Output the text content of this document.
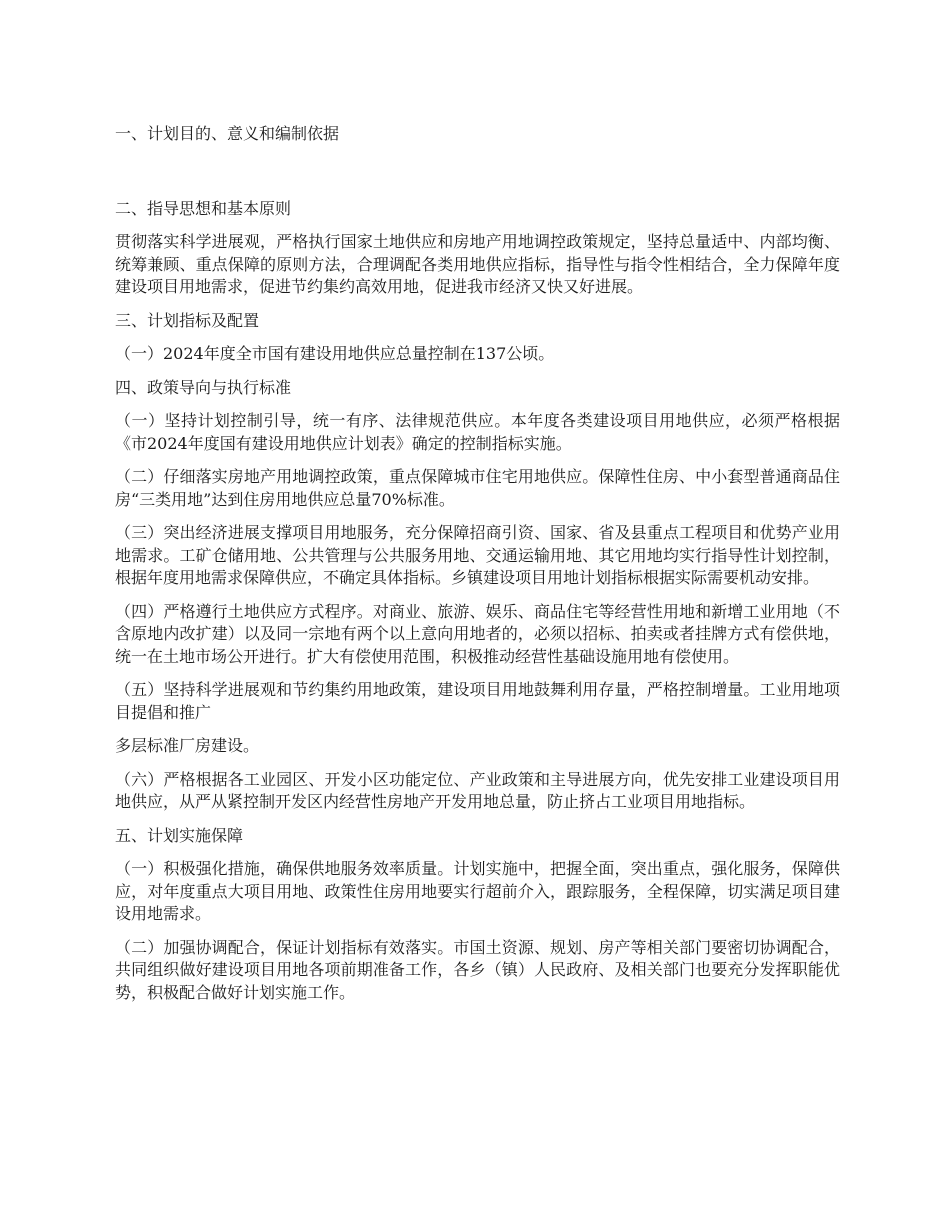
一、计划目的、意义和编制依据

二、指导思想和基本原则

贯彻落实科学进展观，严格执行国家土地供应和房地产用地调控政策规定，坚持总量适中、内部均衡、统筹兼顾、重点保障的原则方法，合理调配各类用地供应指标，指导性与指令性相结合，全力保障年度建设项目用地需求，促进节约集约高效用地，促进我市经济又快又好进展。

三、计划指标及配置

（一）2024年度全市国有建设用地供应总量控制在137公顷。

四、政策导向与执行标准

（一）坚持计划控制引导，统一有序、法律规范供应。本年度各类建设项目用地供应，必须严格根据《市2024年度国有建设用地供应计划表》确定的控制指标实施。

（二）仔细落实房地产用地调控政策，重点保障城市住宅用地供应。保障性住房、中小套型普通商品住房“三类用地”达到住房用地供应总量70%标准。

（三）突出经济进展支撑项目用地服务，充分保障招商引资、国家、省及县重点工程项目和优势产业用地需求。工矿仓储用地、公共管理与公共服务用地、交通运输用地、其它用地均实行指导性计划控制，根据年度用地需求保障供应，不确定具体指标。乡镇建设项目用地计划指标根据实际需要机动安排。

（四）严格遵行土地供应方式程序。对商业、旅游、娱乐、商品住宅等经营性用地和新增工业用地（不含原地内改扩建）以及同一宗地有两个以上意向用地者的，必须以招标、拍卖或者挂牌方式有偿供地，统一在土地市场公开进行。扩大有偿使用范围，积极推动经营性基础设施用地有偿使用。

（五）坚持科学进展观和节约集约用地政策，建设项目用地鼓舞利用存量，严格控制增量。工业用地项目提倡和推广

多层标准厂房建设。

（六）严格根据各工业园区、开发小区功能定位、产业政策和主导进展方向，优先安排工业建设项目用地供应，从严从紧控制开发区内经营性房地产开发用地总量，防止挤占工业项目用地指标。

五、计划实施保障

（一）积极强化措施，确保供地服务效率质量。计划实施中，把握全面，突出重点，强化服务，保障供应，对年度重点大项目用地、政策性住房用地要实行超前介入，跟踪服务，全程保障，切实满足项目建设用地需求。

（二）加强协调配合，保证计划指标有效落实。市国土资源、规划、房产等相关部门要密切协调配合，共同组织做好建设项目用地各项前期准备工作，各乡（镇）人民政府、及相关部门也要充分发挥职能优势，积极配合做好计划实施工作。
